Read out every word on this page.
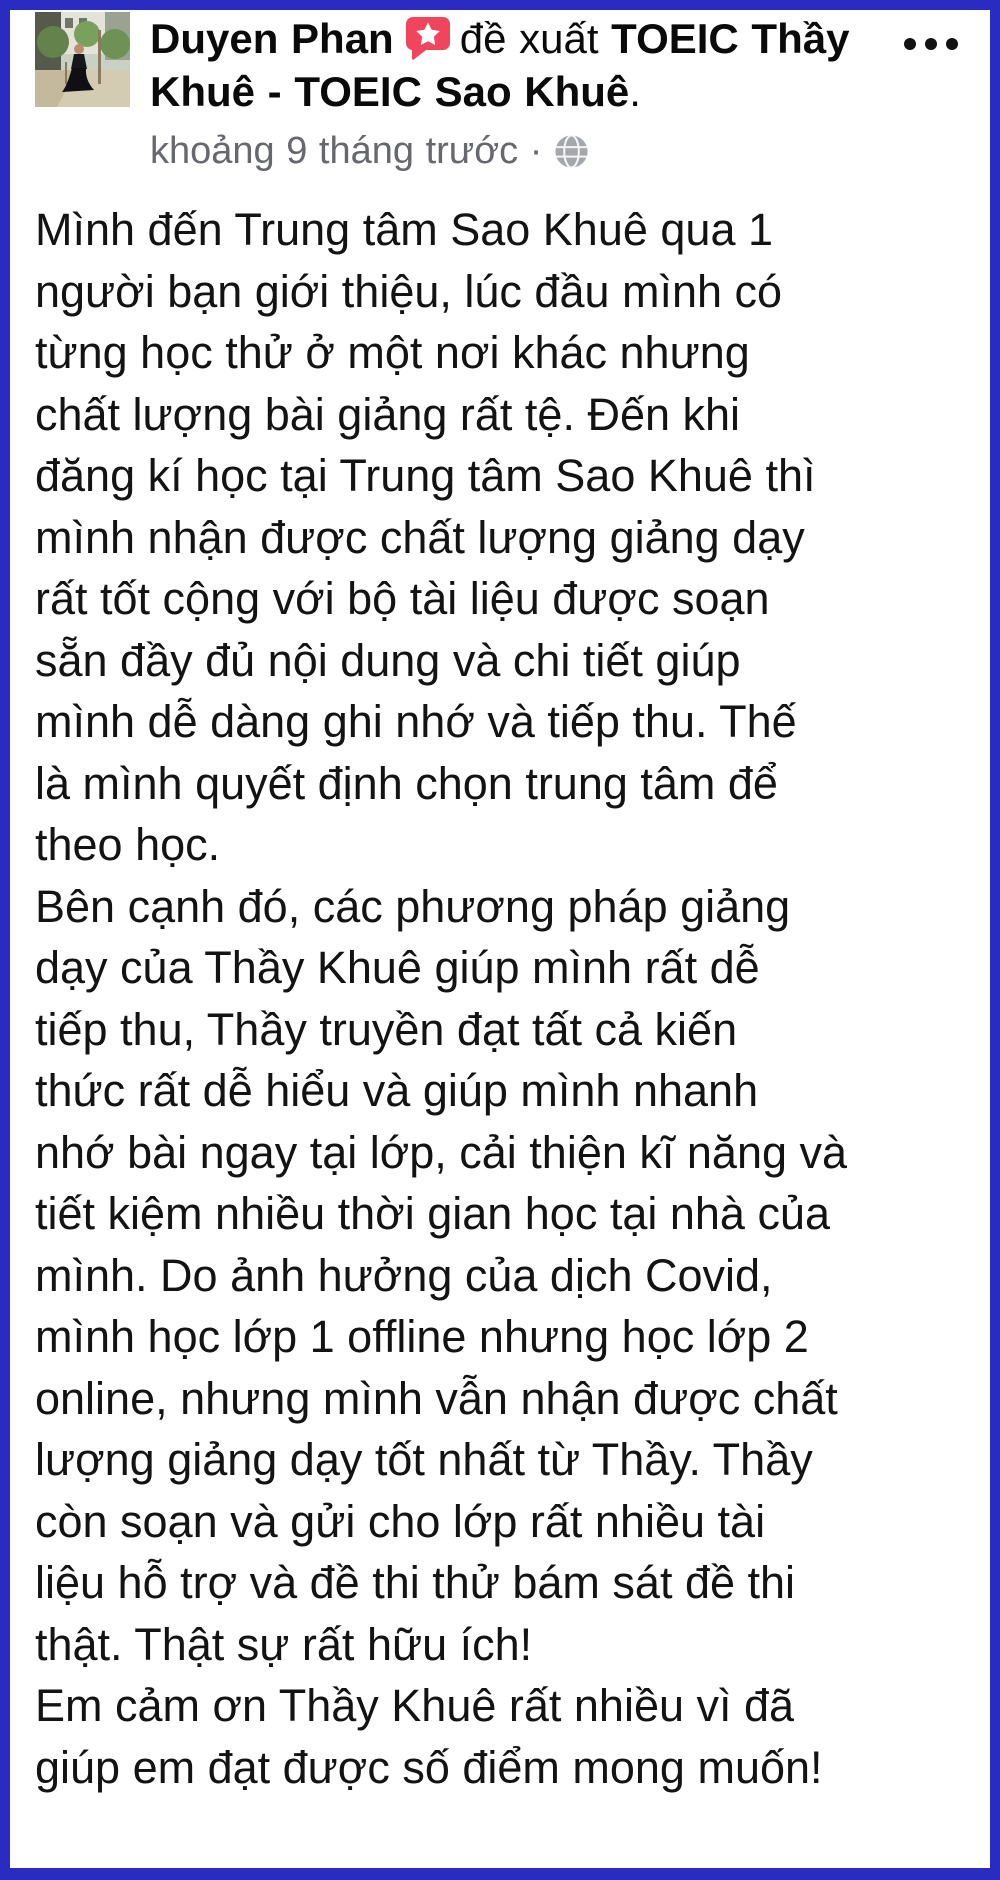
Duyen Phan đề xuất TOEIC Thầy Khuê - TOEIC Sao Khuê.
khoảng 9 tháng trước ·
Mình đến Trung tâm Sao Khuê qua 1
người bạn giới thiệu, lúc đầu mình có
từng học thử ở một nơi khác nhưng
chất lượng bài giảng rất tệ. Đến khi
đăng kí học tại Trung tâm Sao Khuê thì
mình nhận được chất lượng giảng dạy
rất tốt cộng với bộ tài liệu được soạn
sẵn đầy đủ nội dung và chi tiết giúp
mình dễ dàng ghi nhớ và tiếp thu. Thế
là mình quyết định chọn trung tâm để
theo học.
Bên cạnh đó, các phương pháp giảng
dạy của Thầy Khuê giúp mình rất dễ
tiếp thu, Thầy truyền đạt tất cả kiến
thức rất dễ hiểu và giúp mình nhanh
nhớ bài ngay tại lớp, cải thiện kĩ năng và
tiết kiệm nhiều thời gian học tại nhà của
mình. Do ảnh hưởng của dịch Covid,
mình học lớp 1 offline nhưng học lớp 2
online, nhưng mình vẫn nhận được chất
lượng giảng dạy tốt nhất từ Thầy. Thầy
còn soạn và gửi cho lớp rất nhiều tài
liệu hỗ trợ và đề thi thử bám sát đề thi
thật. Thật sự rất hữu ích!
Em cảm ơn Thầy Khuê rất nhiều vì đã
giúp em đạt được số điểm mong muốn!
